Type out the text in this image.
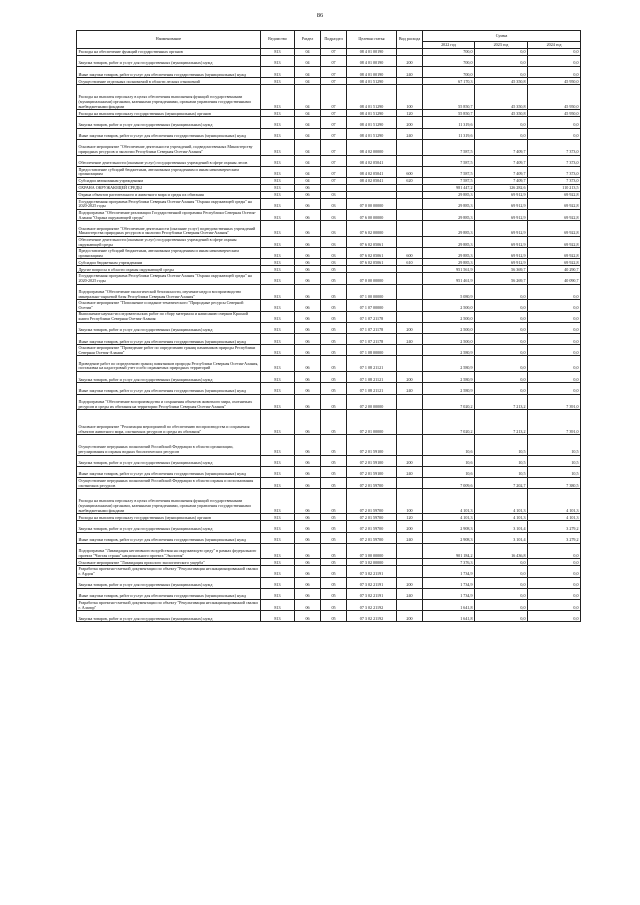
86
Наименование	Ведомство	Раздел	Подраздел	Целевая статья	Вид расхода	Сумма		
						2022 год	2023 год	2024 год
Расходы на обеспечение функций государственных органов	813	04	07	08 4 01 00190		700,0	0,0	0,0
Закупка товаров, работ и услуг для государственных (муниципальных) нужд	813	04	07	08 4 01 00190	200	700,0	0,0	0,0
Иные закупки товаров, работ и услуг для обеспечения государственных (муниципальных) нужд	813	04	07	08 4 01 00190	240	700,0	0,0	0,0
Осуществление отдельных полномочий в области лесных отношений	813	04	07	08 4 01 51290		67 170,3	45 350,8	45 950,0
Расходы на выплаты персоналу в целях обеспечения выполнения функций государственными (муниципальными) органами, казенными учреждениями, органами управления государственными внебюджетными фондами	813	04	07	08 4 01 51290	100	55 850,7	45 350,8	45 950,0
Расходы на выплаты персоналу государственных (муниципальных) органов	813	04	07	08 4 01 51290	120	55 850,7	45 350,8	45 950,0
Закупка товаров, работ и услуг для государственных (муниципальных) нужд	813	04	07	08 4 01 51290	200	11 319,6	0,0	0,0
Иные закупки товаров, работ и услуг для обеспечения государственных (муниципальных) нужд	813	04	07	08 4 01 51290	240	11 319,6	0,0	0,0
Основное мероприятие "Обеспечение деятельности учреждений, подведомственных Министерству природных ресурсов и экологии Республики Северная Осетия-Алания"	813	04	07	08 4 02 00000		7 587,5	7 409,7	7 373,0
Обеспечение деятельности (оказание услуг) государственных учреждений в сфере охраны лесов	813	04	07	08 4 02 05041		7 587,5	7 409,7	7 373,0
Предоставление субсидий бюджетным, автономным учреждениям и иным некоммерческим организациям	813	04	07	08 4 02 05041	600	7 587,5	7 409,7	7 373,0
Субсидии автономным учреждениям	813	04	07	08 4 02 05041	620	7 587,5	7 409,7	7 373,0
ОХРАНА ОКРУЖАЮЩЕЙ СРЕДЫ	813	06				981 447,2	126 282,6	110 213,5
Охрана объектов растительного и животного мира и среды их обитания	813	06	03			29 885,3	69 912,9	69 922,8
Государственная программа Республики Северная Осетия-Алания "Охрана окружающей среды" на 2020-2025 годы	813	06	03	07 0 00 00000		29 885,3	69 912,9	69 922,8
Подпрограмма "Обеспечение реализации Государственной программы Республики Северная Осетия-Алания "Охрана окружающей среды"	813	06	03	07 6 00 00000		29 885,3	69 912,9	69 922,8
Основное мероприятие "Обеспечение деятельности (оказание услуг) подведомственных учреждений Министерства природных ресурсов и экологии Республики Северная Осетия-Алания"	813	06	03	07 6 02 00000		29 885,3	69 912,9	69 922,8
Обеспечение деятельности (оказание услуг) государственных учреждений в сфере охраны окружающей среды	813	06	03	07 6 02 05061		29 885,3	69 912,9	69 922,8
Предоставление субсидий бюджетным, автономным учреждениям и иным некоммерческим организациям	813	06	03	07 6 02 05061	600	29 885,3	69 912,9	69 922,8
Субсидии бюджетным учреждениям	813	06	03	07 6 02 05061	610	29 885,3	69 912,9	69 922,8
Другие вопросы в области охраны окружающей среды	813	06	05			951 561,9	56 369,7	40 290,7
Государственная программа Республики Северная Осетия-Алания "Охрана окружающей среды" на 2020-2025 годы	813	06	05	07 0 00 00000		951 461,9	56 269,7	40 090,7
Подпрограмма "Обеспечение экологической безопасности, изучение недр и воспроизводство минерально-сырьевой базы Республики Северная Осетия-Алания"	813	06	05	07 1 00 00000		5 080,9	0,0	0,0
Основное мероприятие "Пополнение и издание тематического "Природные ресурсы Северной Осетии"	813	06	05	07 1 07 00000		2 500,0	0,0	0,0
Выполнение научно-исследовательских работ по сбору материала и написанию очерков Красной книги Республики Северная Осетия-Алания	813	06	05	07 1 07 21178		2 500,0	0,0	0,0
Закупка товаров, работ и услуг для государственных (муниципальных) нужд	813	06	05	07 1 07 21178	200	2 500,0	0,0	0,0
Иные закупки товаров, работ и услуг для обеспечения государственных (муниципальных) нужд	813	06	05	07 1 07 21178	240	2 500,0	0,0	0,0
Основное мероприятие "Проведение работ по определению границ памятников природы Республики Северная Осетия-Алания"	813	06	05	07 1 08 00000		2 580,9	0,0	0,0
Проведение работ по определению границ памятников природы Республики Северная Осетия-Алания, постановка на кадастровый учет особо охраняемых природных территорий	813	06	05	07 1 08 21121		2 580,9	0,0	0,0
Закупка товаров, работ и услуг для государственных (муниципальных) нужд	813	06	05	07 1 08 21121	200	2 580,9	0,0	0,0
Иные закупки товаров, работ и услуг для обеспечения государственных (муниципальных) нужд	813	06	05	07 1 08 21121	240	2 580,9	0,0	0,0
Подпрограмма "Обеспечение воспроизводства и сохранения объектов животного мира, охотничьих ресурсов и среды их обитания на территории Республики Северная Осетия-Алания"	813	06	05	07 2 00 00000		7 020,2	7 213,2	7 391,0
Основное мероприятие "Реализация мероприятий по обеспечению воспроизводства и сохранения объектов животного мира, охотничьих ресурсов и среды их обитания"	813	06	05	07 2 01 00000		7 020,2	7 213,2	7 391,0
Осуществление переданных полномочий Российской Федерации в области организации, регулирования и охраны водных биологических ресурсов	813	06	05	07 2 01 59100		10,6	10,5	10,5
Закупка товаров, работ и услуг для государственных (муниципальных) нужд	813	06	05	07 2 01 59100	200	10,6	10,5	10,5
Иные закупки товаров, работ и услуг для обеспечения государственных (муниципальных) нужд	813	06	05	07 2 01 59100	240	10,6	10,5	10,5
Осуществление переданных полномочий Российской Федерации в области охраны и использования охотничьих ресурсов	813	06	05	07 2 01 59700		7 009,6	7 202,7	7 380,5
Расходы на выплаты персоналу в целях обеспечения выполнения функций государственными (муниципальными) органами, казенными учреждениями, органами управления государственными внебюджетными фондами	813	06	05	07 2 01 59700	100	4 101,3	4 101,3	4 101,3
Расходы на выплаты персоналу государственных (муниципальных) органов	813	06	05	07 2 01 59700	120	4 101,3	4 101,3	4 101,3
Закупка товаров, работ и услуг для государственных (муниципальных) нужд	813	06	05	07 2 01 59700	200	2 908,3	3 101,4	3 279,2
Иные закупки товаров, работ и услуг для обеспечения государственных (муниципальных) нужд	813	06	05	07 2 01 59700	240	2 908,3	3 101,4	3 279,2
Подпрограмма "Ликвидация негативного воздействия на окружающую среду" в рамках федерального проекта "Чистая страна" национального проекта "Экология"	813	06	05	07 3 00 00000		901 184,2	16 436,8	0,0
Основное мероприятие "Ликвидация прошлого экологического ущерба"	813	06	05	07 3 02 00000		7 376,3	0,0	0,0
Разработка проектно-сметной документации по объекту "Рекультивация несанкционированной свалки г. Ардон"	813	06	05	07 3 02 21191		1 734,9	0,0	0,0
Закупка товаров, работ и услуг для государственных (муниципальных) нужд	813	06	05	07 3 02 21191	200	1 734,9	0,0	0,0
Иные закупки товаров, работ и услуг для обеспечения государственных (муниципальных) нужд	813	06	05	07 3 02 21191	240	1 734,9	0,0	0,0
Разработка проектно-сметной документации по объекту "Рекультивация несанкционированной свалки г. Алагир"	813	06	05	07 3 02 21192		1 641,8	0,0	0,0
Закупка товаров, работ и услуг для государственных (муниципальных) нужд	813	06	05	07 3 02 21192	200	1 641,8	0,0	0,0
